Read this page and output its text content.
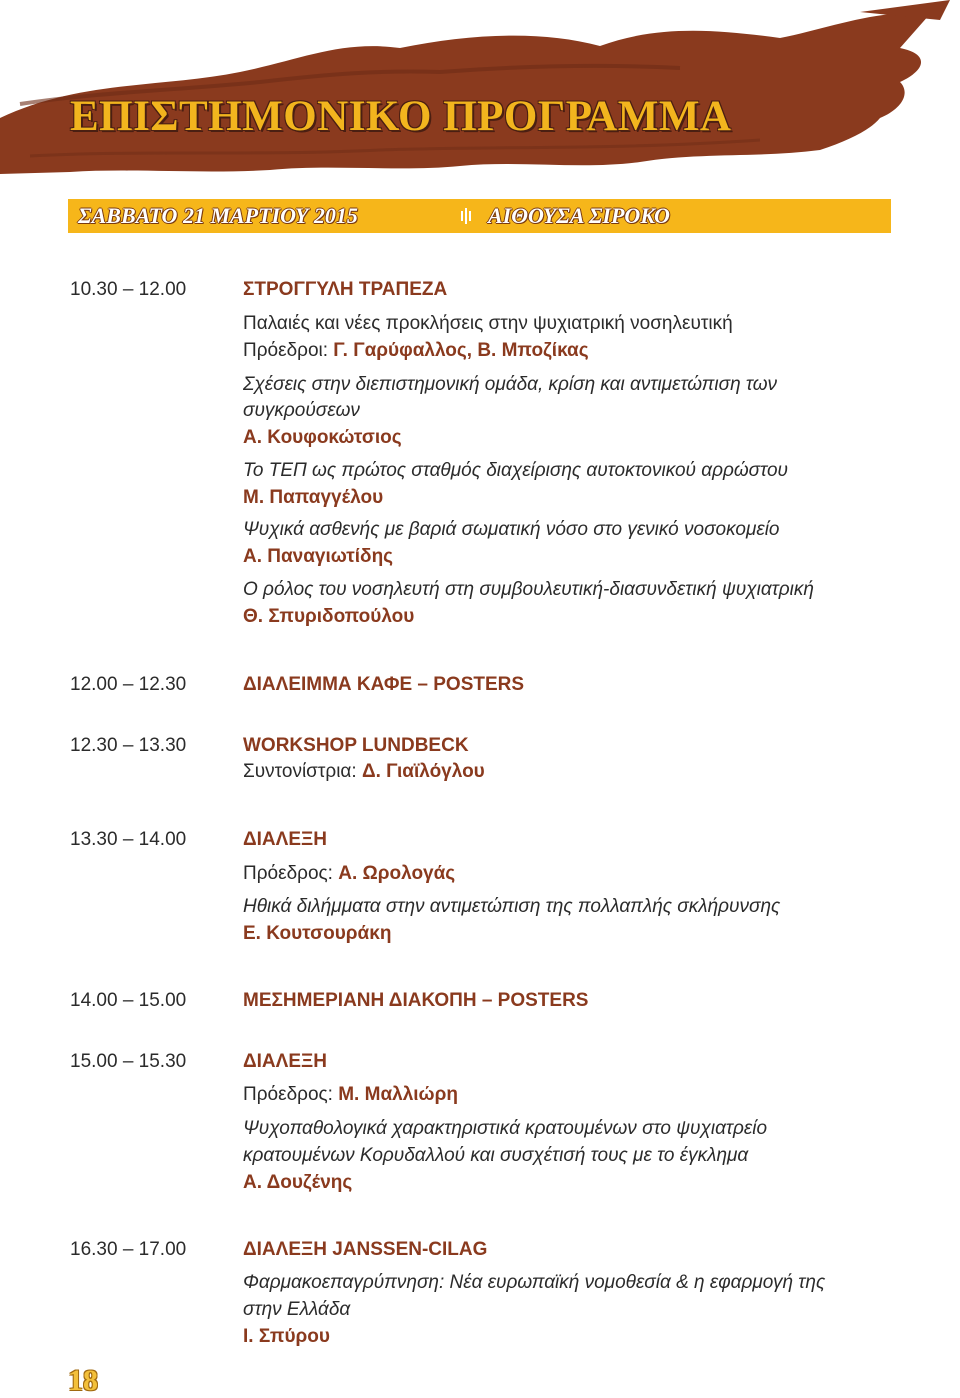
ΕΠΙΣΤΗΜΟΝΙΚΟ ΠΡΟΓΡΑΜΜΑ
ΣΑΒΒΑΤΟ 21 ΜΑΡΤΙΟΥ 2015	ΑΙΘΟΥΣΑ ΣΙΡΟΚΟ
10.30 – 12.00	ΣΤΡΟΓΓΥΛΗ ΤΡΑΠΕΖΑ
Παλαιές και νέες προκλήσεις στην ψυχιατρική νοσηλευτική
Πρόεδροι: Γ. Γαρύφαλλος, Β. Μποζίκας
Σχέσεις στην διεπιστημονική ομάδα, κρίση και αντιμετώπιση των
συγκρούσεων
Α. Κουφοκώτσιος
Το ΤΕΠ ως πρώτος σταθμός διαχείρισης αυτοκτονικού αρρώστου
Μ. Παπαγγέλου
Ψυχικά ασθενής με βαριά σωματική νόσο στο γενικό νοσοκομείο
Α. Παναγιωτίδης
Ο ρόλος του νοσηλευτή στη συμβουλευτική-διασυνδετική ψυχιατρική
Θ. Σπυριδοπούλου
12.00 – 12.30	ΔΙΑΛΕΙΜΜΑ ΚΑΦΕ – POSTERS
12.30 – 13.30	WORKSHOP LUNDBECK
Συντονίστρια: Δ. Γιαϊλόγλου
13.30 – 14.00	ΔΙΑΛΕΞΗ
Πρόεδρος: Α. Ωρολογάς
Ηθικά διλήμματα στην αντιμετώπιση της πολλαπλής σκλήρυνσης
Ε. Κουτσουράκη
14.00 – 15.00	ΜΕΣΗΜΕΡΙΑΝΗ ΔΙΑΚΟΠΗ – POSTERS
15.00 – 15.30	ΔΙΑΛΕΞΗ
Πρόεδρος: Μ. Μαλλιώρη
Ψυχοπαθολογικά χαρακτηριστικά κρατουμένων στο ψυχιατρείο
κρατουμένων Κορυδαλλού και συσχέτισή τους με το έγκλημα
Α. Δουζένης
16.30 – 17.00	ΔΙΑΛΕΞΗ JANSSEN-CILAG
Φαρμακοεπαγρύπνηση: Νέα ευρωπαϊκή νομοθεσία & η εφαρμογή της
στην Ελλάδα
Ι. Σπύρου
18
